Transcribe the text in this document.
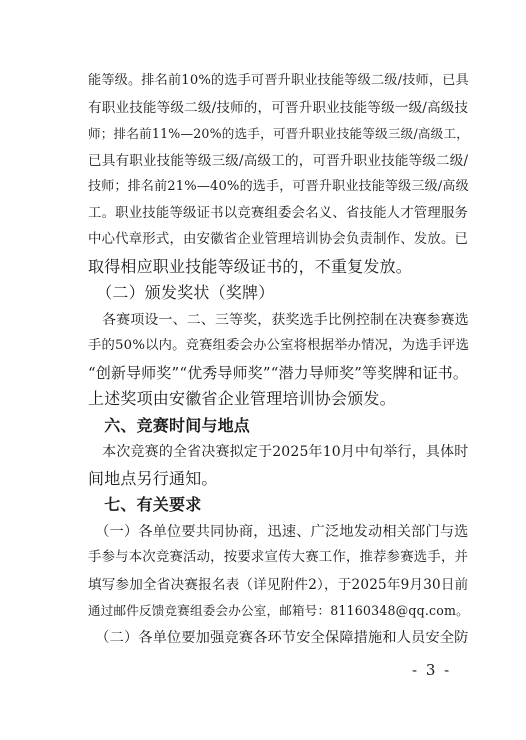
能等级。排名前10%的选手可晋升职业技能等级二级/技师，已具
有职业技能等级二级/技师的，可晋升职业技能等级一级/高级技
师；排名前11%—20%的选手，可晋升职业技能等级三级/高级工，
已具有职业技能等级三级/高级工的，可晋升职业技能等级二级/
技师；排名前21%—40%的选手，可晋升职业技能等级三级/高级
工。职业技能等级证书以竞赛组委会名义、省技能人才管理服务
中心代章形式，由安徽省企业管理培训协会负责制作、发放。已
取得相应职业技能等级证书的，不重复发放。
　（二）颁发奖状（奖牌）
　各赛项设一、二、三等奖，获奖选手比例控制在决赛参赛选
手的50%以内。竞赛组委会办公室将根据举办情况，为选手评选
“创新导师奖”“优秀导师奖”“潜力导师奖”等奖牌和证书。
上述奖项由安徽省企业管理培训协会颁发。
　六、竞赛时间与地点
　本次竞赛的全省决赛拟定于2025年10月中旬举行，具体时
间地点另行通知。
　七、有关要求
　（一）各单位要共同协商，迅速、广泛地发动相关部门与选
手参与本次竞赛活动，按要求宣传大赛工作，推荐参赛选手，并
填写参加全省决赛报名表（详见附件2），于2025年9月30日前
通过邮件反馈竞赛组委会办公室，邮箱号：81160348@qq.com。
　（二）各单位要加强竞赛各环节安全保障措施和人员安全防
- 3 -
